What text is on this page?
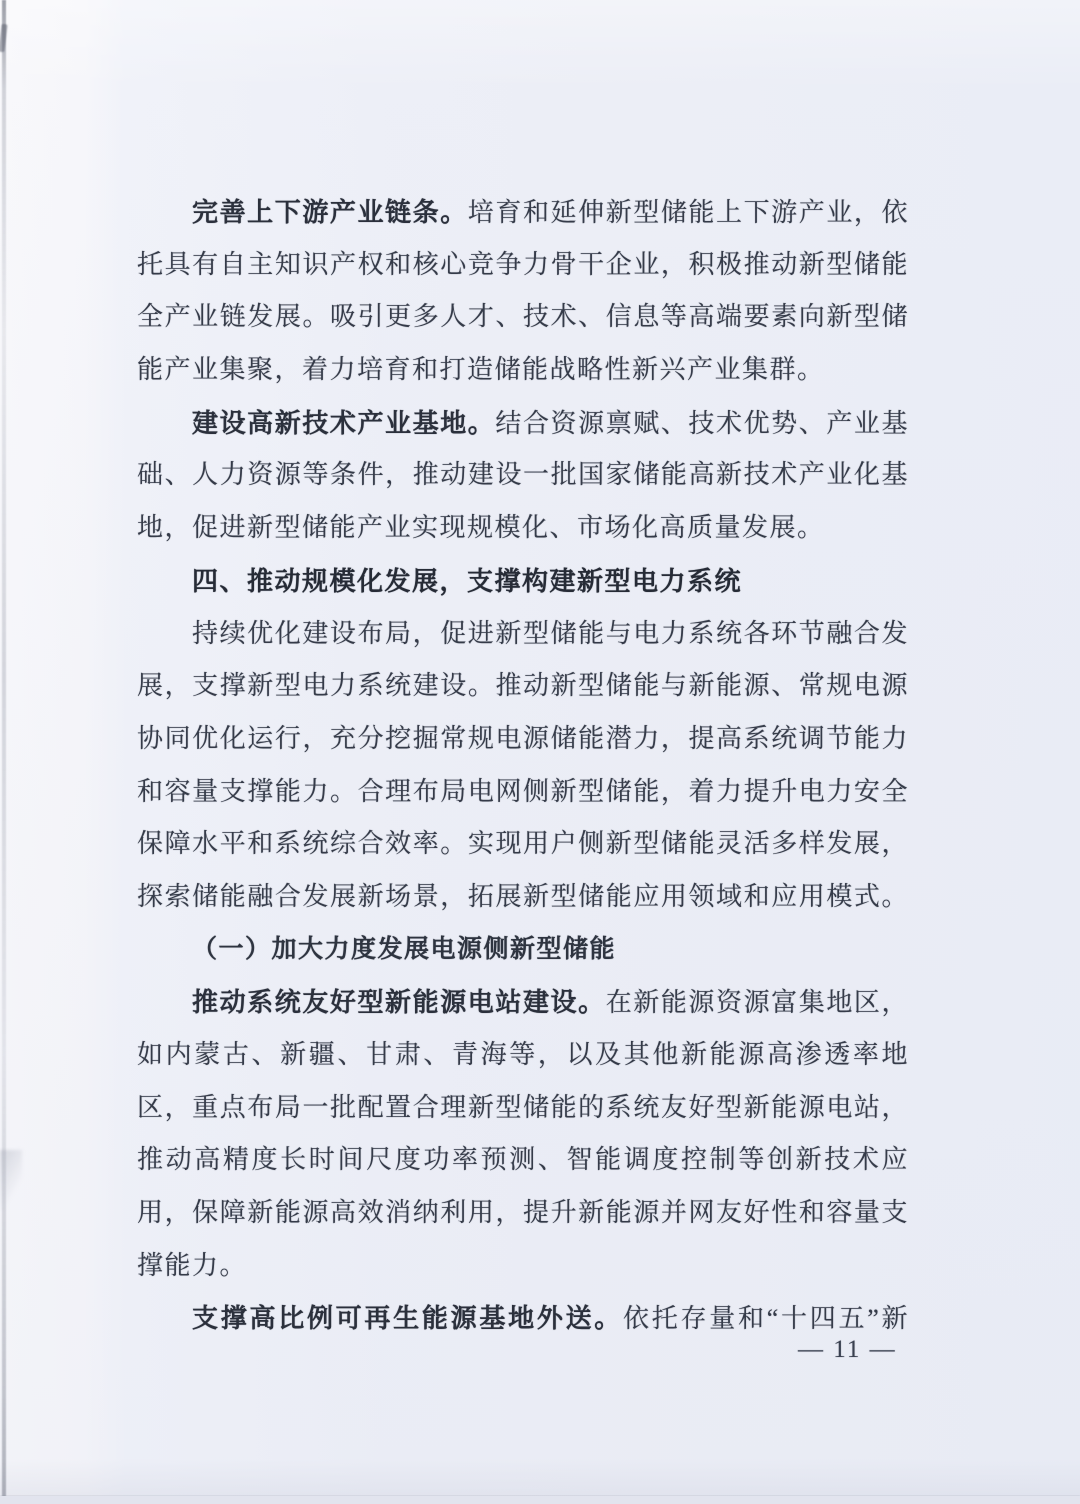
完善上下游产业链条。培育和延伸新型储能上下游产业，依
托具有自主知识产权和核心竞争力骨干企业，积极推动新型储能
全产业链发展。吸引更多人才、技术、信息等高端要素向新型储
能产业集聚，着力培育和打造储能战略性新兴产业集群。
建设高新技术产业基地。结合资源禀赋、技术优势、产业基
础、人力资源等条件，推动建设一批国家储能高新技术产业化基
地，促进新型储能产业实现规模化、市场化高质量发展。
四、推动规模化发展，支撑构建新型电力系统
持续优化建设布局，促进新型储能与电力系统各环节融合发
展，支撑新型电力系统建设。推动新型储能与新能源、常规电源
协同优化运行，充分挖掘常规电源储能潜力，提高系统调节能力
和容量支撑能力。合理布局电网侧新型储能，着力提升电力安全
保障水平和系统综合效率。实现用户侧新型储能灵活多样发展，
探索储能融合发展新场景，拓展新型储能应用领域和应用模式。
（一）加大力度发展电源侧新型储能
推动系统友好型新能源电站建设。在新能源资源富集地区，
如内蒙古、新疆、甘肃、青海等，以及其他新能源高渗透率地
区，重点布局一批配置合理新型储能的系统友好型新能源电站，
推动高精度长时间尺度功率预测、智能调度控制等创新技术应
用，保障新能源高效消纳利用，提升新能源并网友好性和容量支
撑能力。
支撑高比例可再生能源基地外送。依托存量和“十四五”新
— 11 —
